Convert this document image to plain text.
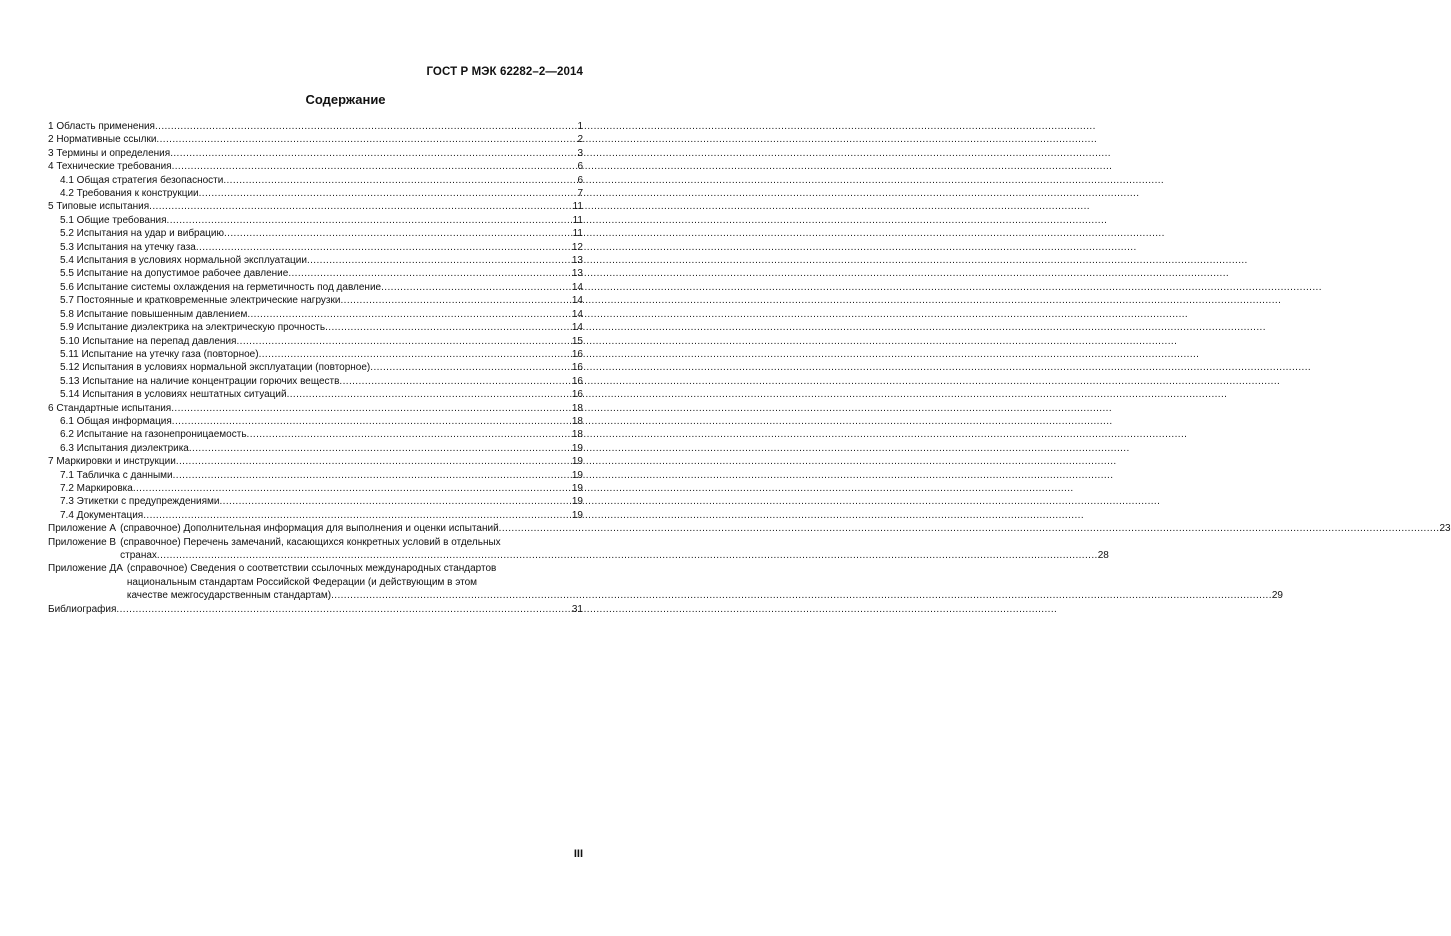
ГОСТ Р МЭК 62282–2—2014
Содержание
1 Область применения .....	1
2 Нормативные ссылки .....	2
3 Термины и определения .....	3
4 Технические требования .....	6
4.1 Общая стратегия безопасности .....	6
4.2 Требования к конструкции .....	7
5 Типовые испытания .....	11
5.1 Общие требования .....	11
5.2 Испытания на удар и вибрацию .....	11
5.3 Испытания на утечку газа .....	12
5.4 Испытания в условиях нормальной эксплуатации .....	13
5.5 Испытание на допустимое рабочее давление .....	13
5.6 Испытание системы охлаждения на герметичность под давление .....	14
5.7 Постоянные и кратковременные электрические нагрузки .....	14
5.8 Испытание повышенным давлением .....	14
5.9 Испытание диэлектрика на электрическую прочность .....	14
5.10 Испытание на перепад давления .....	15
5.11 Испытание на утечку газа (повторное) .....	16
5.12 Испытания в условиях нормальной эксплуатации (повторное) .....	16
5.13 Испытание на наличие концентрации горючих веществ .....	16
5.14 Испытания в условиях нештатных ситуаций .....	16
6 Стандартные испытания .....	18
6.1 Общая информация .....	18
6.2 Испытание на газонепроницаемость .....	18
6.3 Испытания диэлектрика .....	19
7 Маркировки и инструкции .....	19
7.1 Табличка с данными .....	19
7.2 Маркировка .....	19
7.3 Этикетки с предупреждениями .....	19
7.4 Документация .....	19
Приложение А (справочное) Дополнительная информация для выполнения и оценки испытаний .....	23
Приложение В (справочное) Перечень замечаний, касающихся конкретных условий в отдельных
странах .....	28
Приложение ДА (справочное) Сведения о соответствии ссылочных международных стандартов
национальным стандартам Российской Федерации (и действующим в этом
качестве межгосударственным стандартам) .....	29
Библиография .....	31
III
